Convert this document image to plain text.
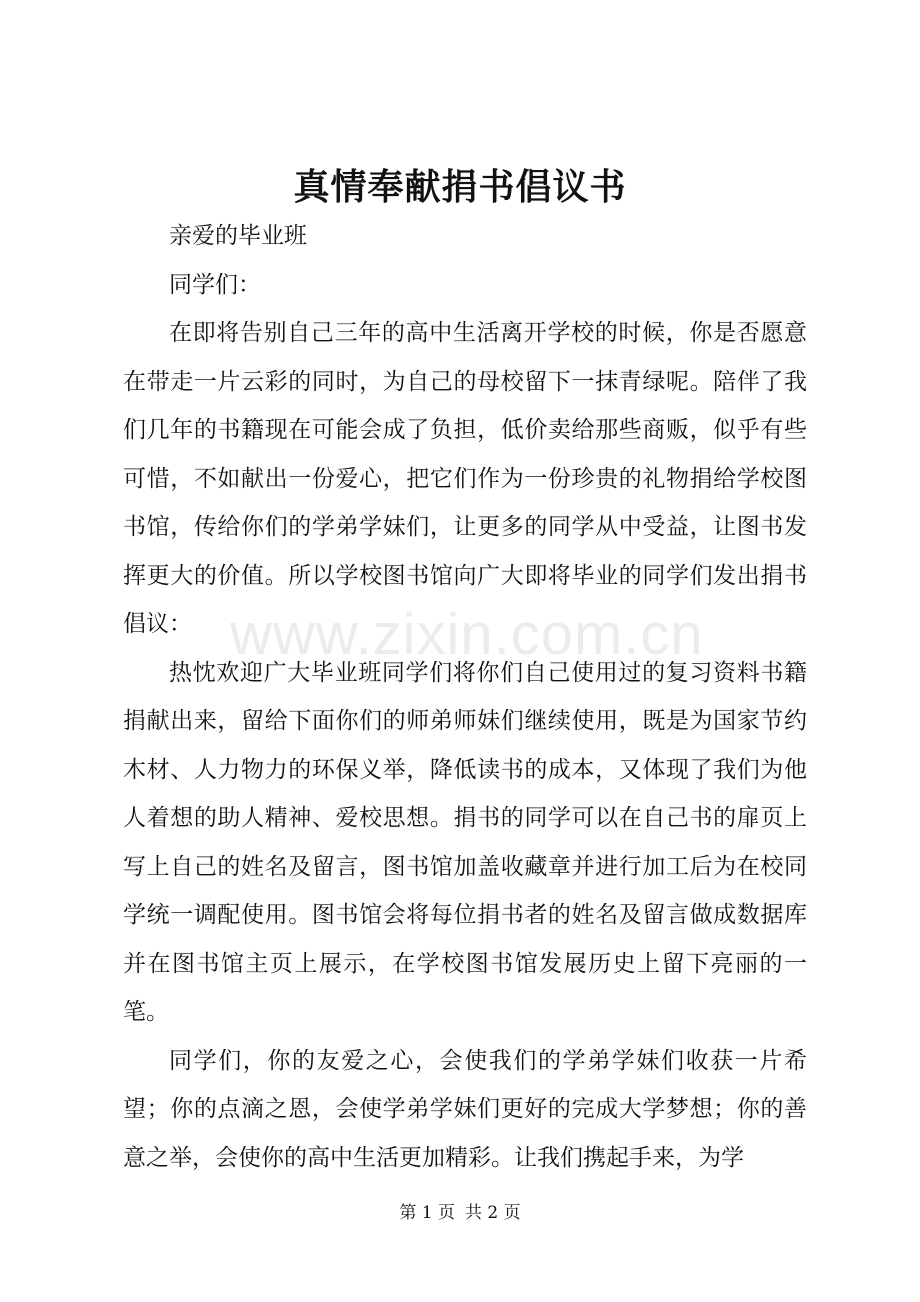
真情奉献捐书倡议书

亲爱的毕业班

同学们：

在即将告别自己三年的高中生活离开学校的时候，你是否愿意在带走一片云彩的同时，为自己的母校留下一抹青绿呢。陪伴了我们几年的书籍现在可能会成了负担，低价卖给那些商贩，似乎有些可惜，不如献出一份爱心，把它们作为一份珍贵的礼物捐给学校图书馆，传给你们的学弟学妹们，让更多的同学从中受益，让图书发挥更大的价值。所以学校图书馆向广大即将毕业的同学们发出捐书倡议：

热忱欢迎广大毕业班同学们将你们自己使用过的复习资料书籍捐献出来，留给下面你们的师弟师妹们继续使用，既是为国家节约木材、人力物力的环保义举，降低读书的成本，又体现了我们为他人着想的助人精神、爱校思想。捐书的同学可以在自己书的扉页上写上自己的姓名及留言，图书馆加盖收藏章并进行加工后为在校同学统一调配使用。图书馆会将每位捐书者的姓名及留言做成数据库并在图书馆主页上展示，在学校图书馆发展历史上留下亮丽的一笔。

同学们，你的友爱之心，会使我们的学弟学妹们收获一片希望；你的点滴之恩，会使学弟学妹们更好的完成大学梦想；你的善意之举，会使你的高中生活更加精彩。让我们携起手来，为学

www.zixin.com.cn
第 1 页 共 2 页
